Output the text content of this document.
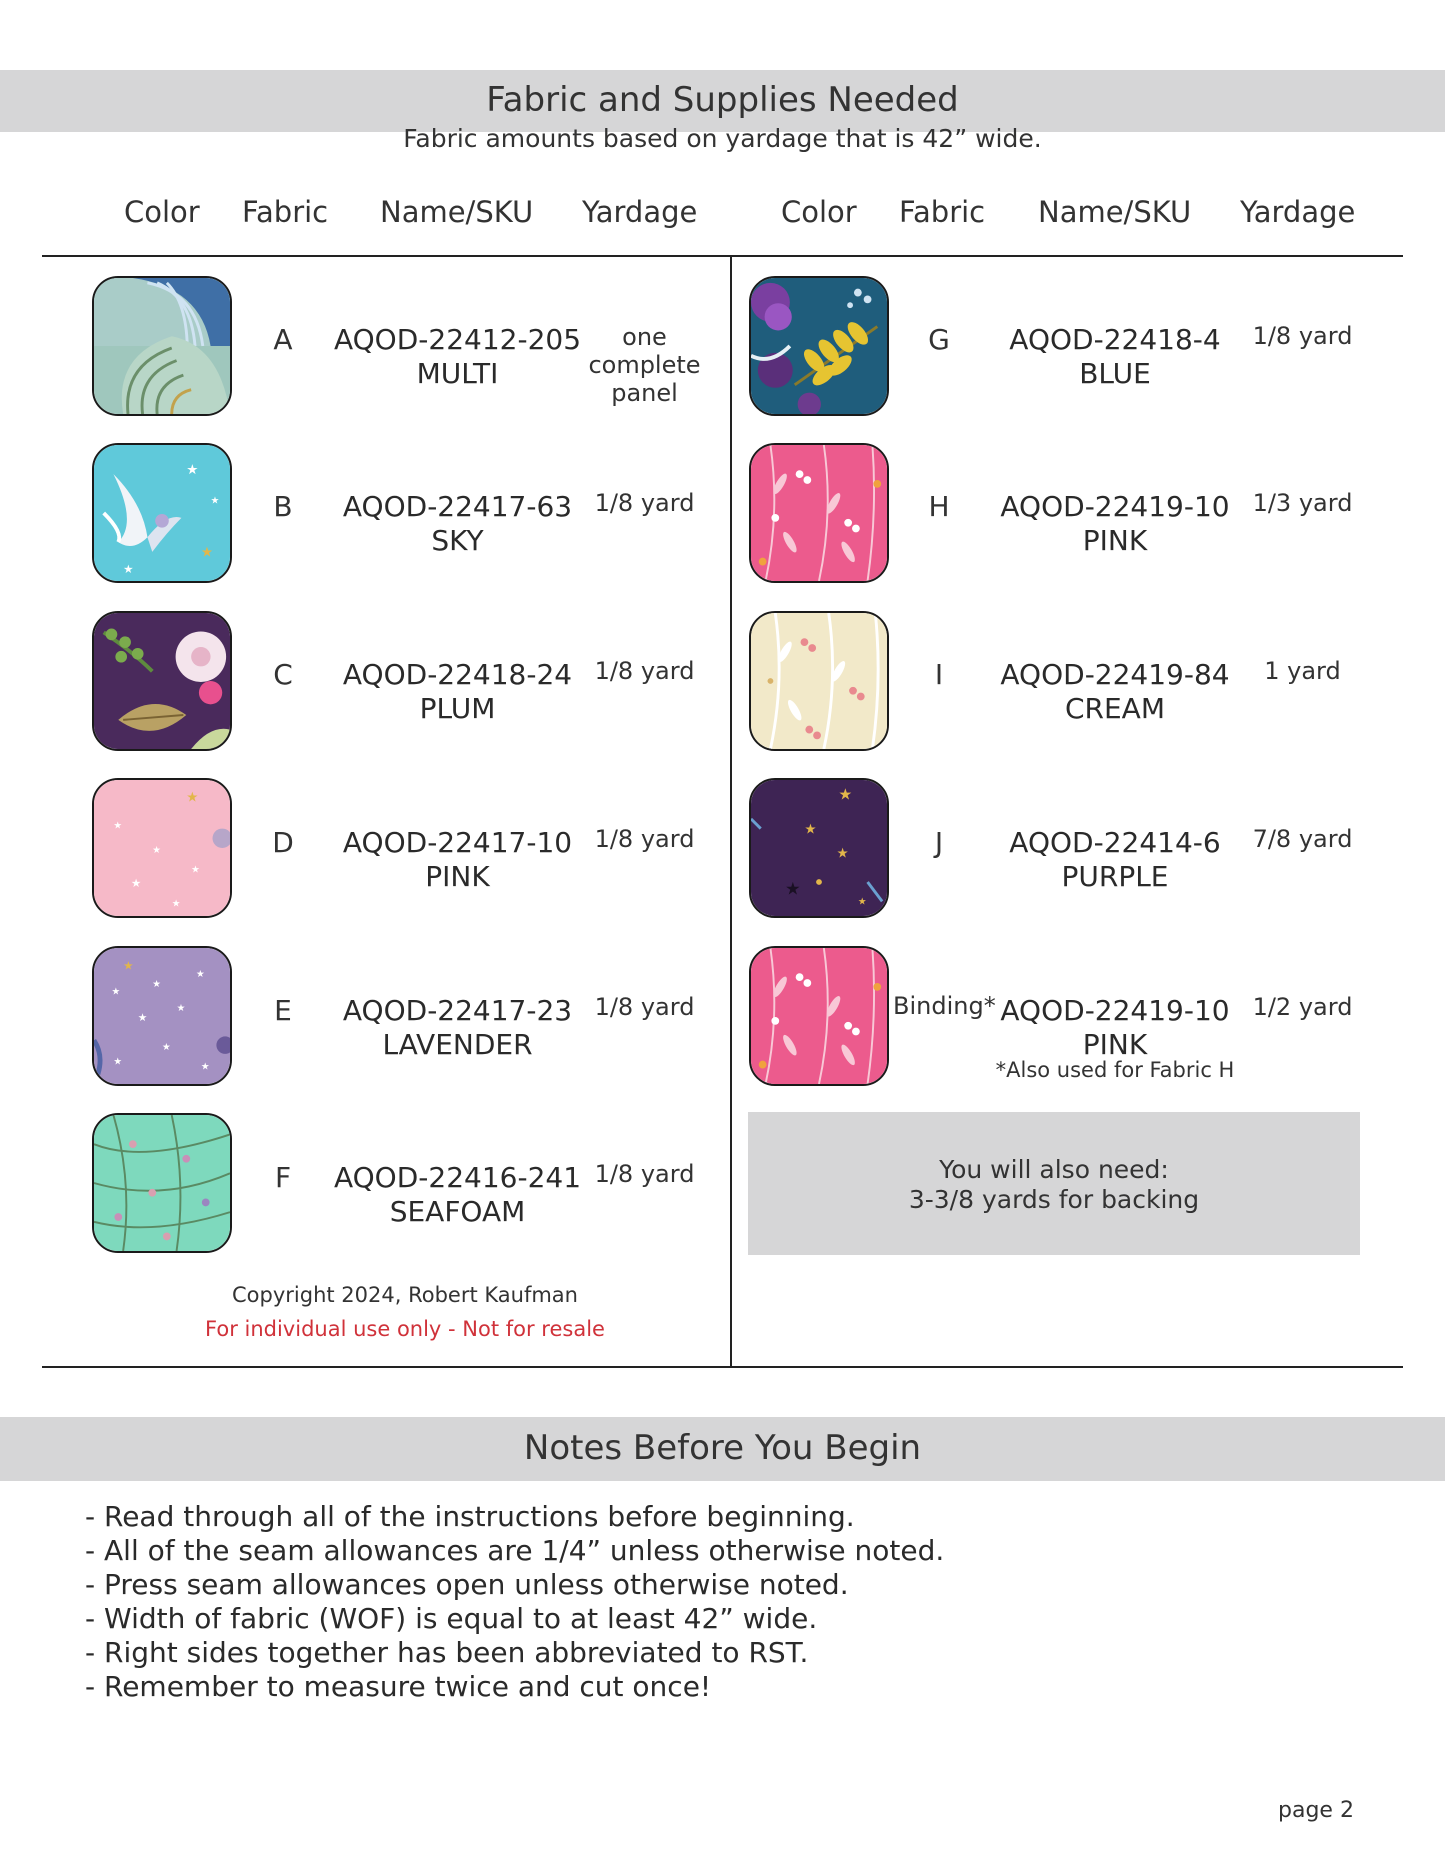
Fabric and Supplies Needed
Fabric amounts based on yardage that is 42” wide.
Color Fabric Name/SKU Yardage	Color Fabric Name/SKU Yardage
A	AQOD-22412-205
MULTI
one complete panel
★
★
★
★	B	AQOD-22417-63
SKY
1/8 yard
C	AQOD-22418-24
PLUM
1/8 yard
★
★
★
★
★
★
D	AQOD-22417-10
PINK
1/8 yard
★
★
★
★
★
★
★
★	★
E	AQOD-22417-23
LAVENDER
1/8 yard
F	AQOD-22416-241
SEAFOAM
1/8 yard
Copyright 2024, Robert Kaufman
For individual use only - Not for resale
G	AQOD-22418-4
BLUE
1/8 yard
H	AQOD-22419-10
PINK
1/3 yard
I	AQOD-22419-84
CREAM
1 yard
★
★
★
★
★
J	AQOD-22414-6
PURPLE
7/8 yard
Binding* AQOD-22419-10
PINK
*Also used for Fabric H
1/2 yard
You will also need:
3-3/8 yards for backing
Notes Before You Begin
- Read through all of the instructions before beginning.
- All of the seam allowances are 1/4” unless otherwise noted.
- Press seam allowances open unless otherwise noted.
- Width of fabric (WOF) is equal to at least 42” wide.
- Right sides together has been abbreviated to RST.
- Remember to measure twice and cut once!
page 2
